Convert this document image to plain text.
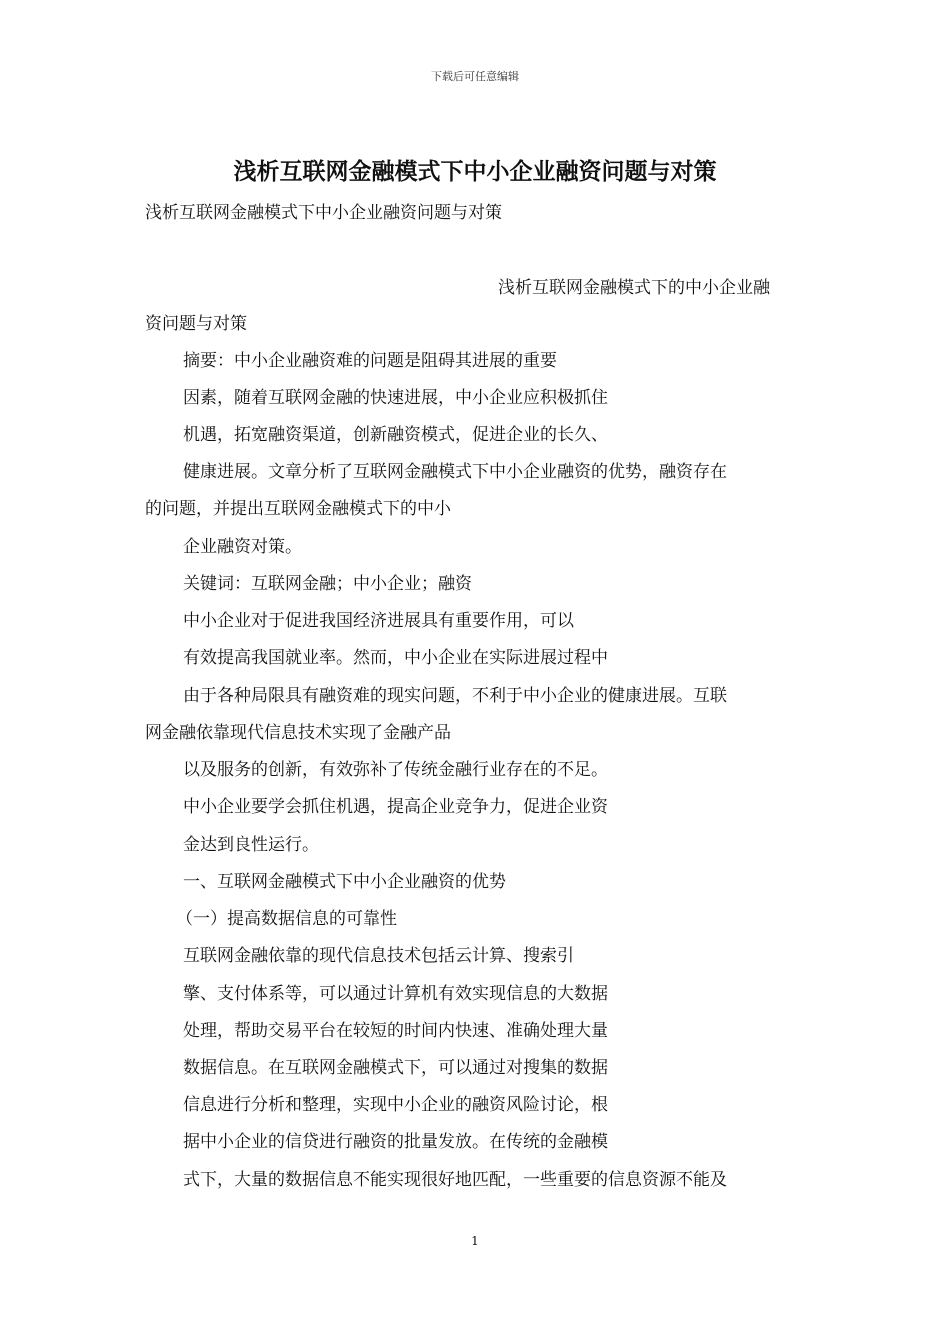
下载后可任意编辑
浅析互联网金融模式下中小企业融资问题与对策
浅析互联网金融模式下中小企业融资问题与对策
浅析互联网金融模式下的中小企业融
资问题与对策
摘要：中小企业融资难的问题是阻碍其进展的重要
因素，随着互联网金融的快速进展，中小企业应积极抓住
机遇，拓宽融资渠道，创新融资模式，促进企业的长久、
健康进展。文章分析了互联网金融模式下中小企业融资的优势，融资存在
的问题，并提出互联网金融模式下的中小
企业融资对策。
关键词：互联网金融；中小企业；融资
中小企业对于促进我国经济进展具有重要作用，可以
有效提高我国就业率。然而，中小企业在实际进展过程中
由于各种局限具有融资难的现实问题，不利于中小企业的健康进展。互联
网金融依靠现代信息技术实现了金融产品
以及服务的创新，有效弥补了传统金融行业存在的不足。
中小企业要学会抓住机遇，提高企业竞争力，促进企业资
金达到良性运行。
一、互联网金融模式下中小企业融资的优势
（一）提高数据信息的可靠性
互联网金融依靠的现代信息技术包括云计算、搜索引
擎、支付体系等，可以通过计算机有效实现信息的大数据
处理，帮助交易平台在较短的时间内快速、准确处理大量
数据信息。在互联网金融模式下，可以通过对搜集的数据
信息进行分析和整理，实现中小企业的融资风险讨论，根
据中小企业的信贷进行融资的批量发放。在传统的金融模
式下，大量的数据信息不能实现很好地匹配，一些重要的信息资源不能及
1
